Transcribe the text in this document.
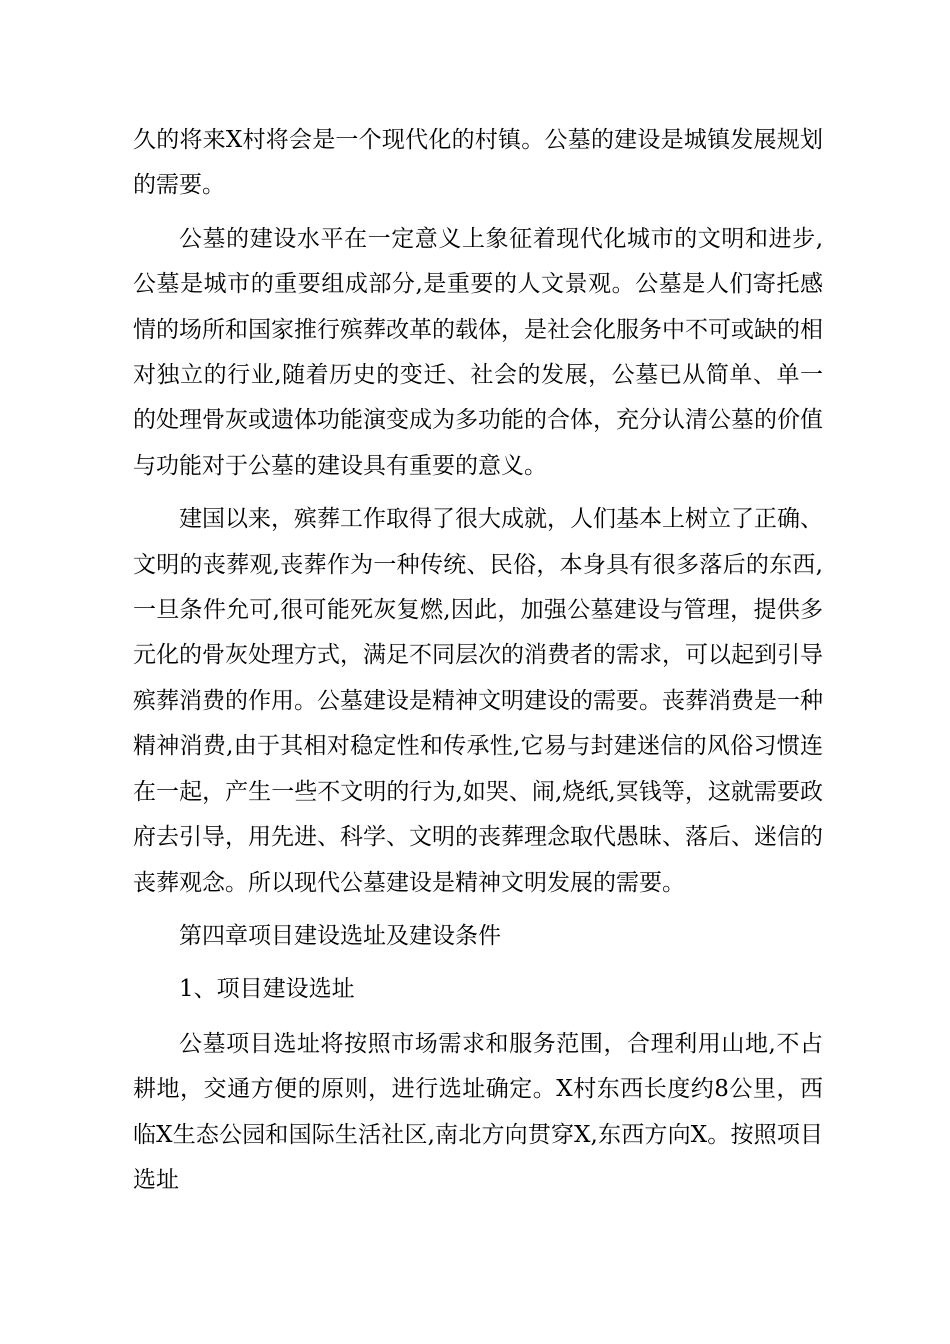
久的将来X村将会是一个现代化的村镇。公墓的建设是城镇发展规划的需要。

公墓的建设水平在一定意义上象征着现代化城市的文明和进步,公墓是城市的重要组成部分,是重要的人文景观。公墓是人们寄托感情的场所和国家推行殡葬改革的载体，是社会化服务中不可或缺的相对独立的行业,随着历史的变迁、社会的发展，公墓已从简单、单一的处理骨灰或遗体功能演变成为多功能的合体，充分认清公墓的价值与功能对于公墓的建设具有重要的意义。

建国以来，殡葬工作取得了很大成就，人们基本上树立了正确、文明的丧葬观,丧葬作为一种传统、民俗，本身具有很多落后的东西,一旦条件允可,很可能死灰复燃,因此，加强公墓建设与管理，提供多元化的骨灰处理方式，满足不同层次的消费者的需求，可以起到引导殡葬消费的作用。公墓建设是精神文明建设的需要。丧葬消费是一种精神消费,由于其相对稳定性和传承性,它易与封建迷信的风俗习惯连在一起，产生一些不文明的行为,如哭、闹,烧纸,冥钱等，这就需要政府去引导，用先进、科学、文明的丧葬理念取代愚昧、落后、迷信的丧葬观念。所以现代公墓建设是精神文明发展的需要。

第四章项目建设选址及建设条件
1、项目建设选址

公墓项目选址将按照市场需求和服务范围，合理利用山地,不占耕地，交通方便的原则，进行选址确定。X村东西长度约8公里，西临X生态公园和国际生活社区,南北方向贯穿X,东西方向X。按照项目选址
